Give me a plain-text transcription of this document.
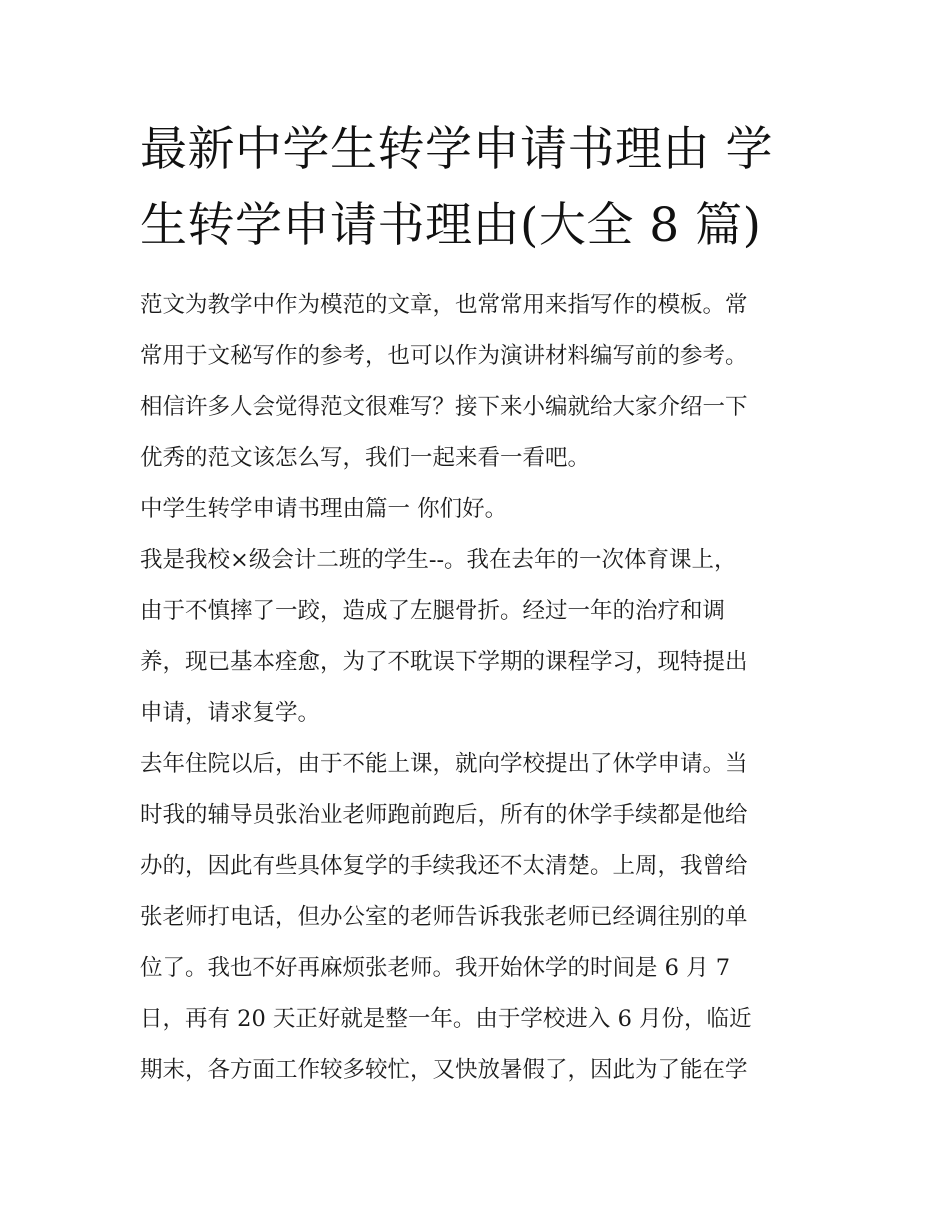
最新中学生转学申请书理由 学
生转学申请书理由(大全 8 篇)
范文为教学中作为模范的文章，也常常用来指写作的模板。常
常用于文秘写作的参考，也可以作为演讲材料编写前的参考。
相信许多人会觉得范文很难写？接下来小编就给大家介绍一下
优秀的范文该怎么写，我们一起来看一看吧。
中学生转学申请书理由篇一 你们好。
我是我校×级会计二班的学生--。我在去年的一次体育课上，
由于不慎摔了一跤，造成了左腿骨折。经过一年的治疗和调
养，现已基本痊愈，为了不耽误下学期的课程学习，现特提出
申请，请求复学。
去年住院以后，由于不能上课，就向学校提出了休学申请。当
时我的辅导员张治业老师跑前跑后，所有的休学手续都是他给
办的，因此有些具体复学的手续我还不太清楚。上周，我曾给
张老师打电话，但办公室的老师告诉我张老师已经调往别的单
位了。我也不好再麻烦张老师。我开始休学的时间是 6 月 7
日，再有 20 天正好就是整一年。由于学校进入 6 月份，临近
期末，各方面工作较多较忙，又快放暑假了，因此为了能在学
